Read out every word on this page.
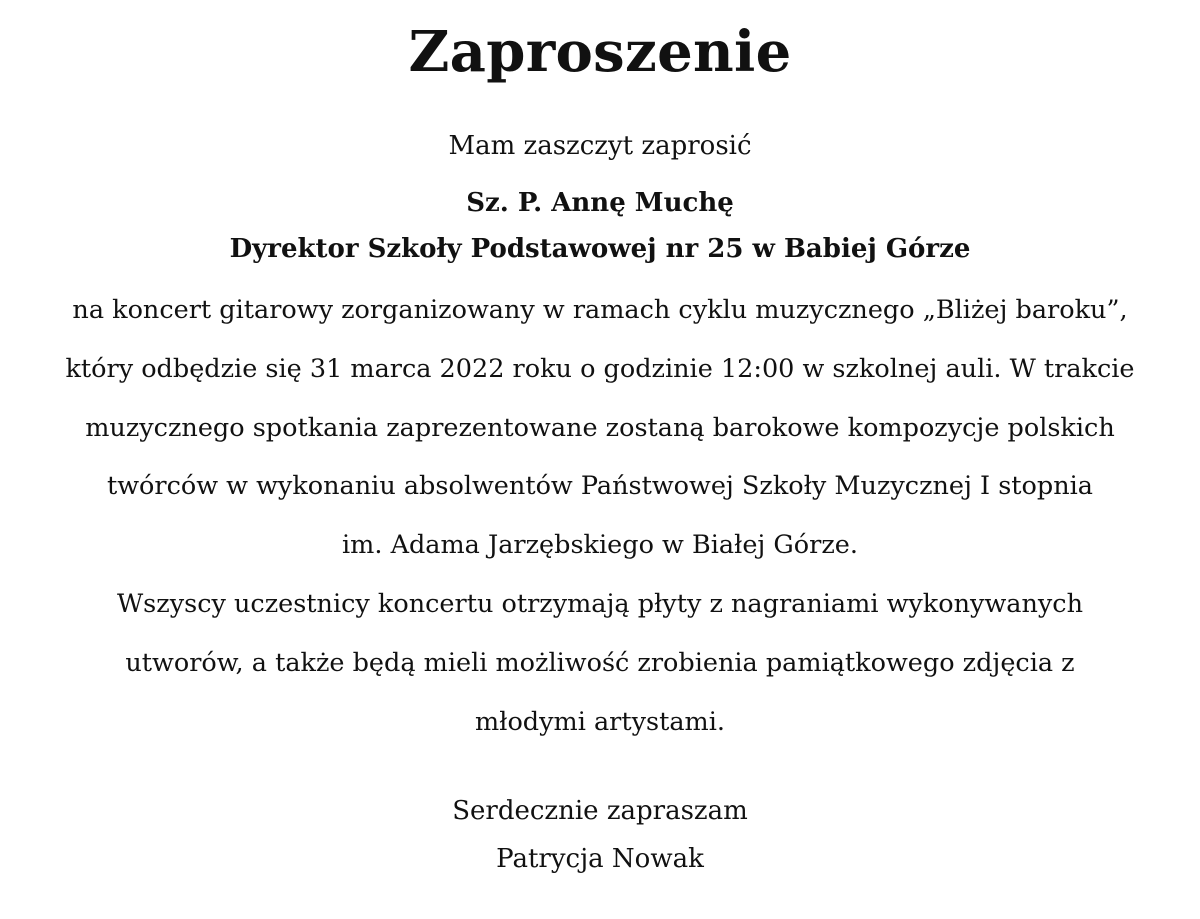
Zaproszenie

Mam zaszczyt zaprosić

Sz. P. Annę Muchę
Dyrektor Szkoły Podstawowej nr 25 w Babiej Górze
na koncert gitarowy zorganizowany w ramach cyklu muzycznego „Bliżej baroku”,
który odbędzie się 31 marca 2022 roku o godzinie 12:00 w szkolnej auli. W trakcie
muzycznego spotkania zaprezentowane zostaną barokowe kompozycje polskich
twórców w wykonaniu absolwentów Państwowej Szkoły Muzycznej I stopnia
im. Adama Jarzębskiego w Białej Górze.
Wszyscy uczestnicy koncertu otrzymają płyty z nagraniami wykonywanych
utworów, a także będą mieli możliwość zrobienia pamiątkowego zdjęcia z
młodymi artystami.
Serdecznie zapraszam
Patrycja Nowak
